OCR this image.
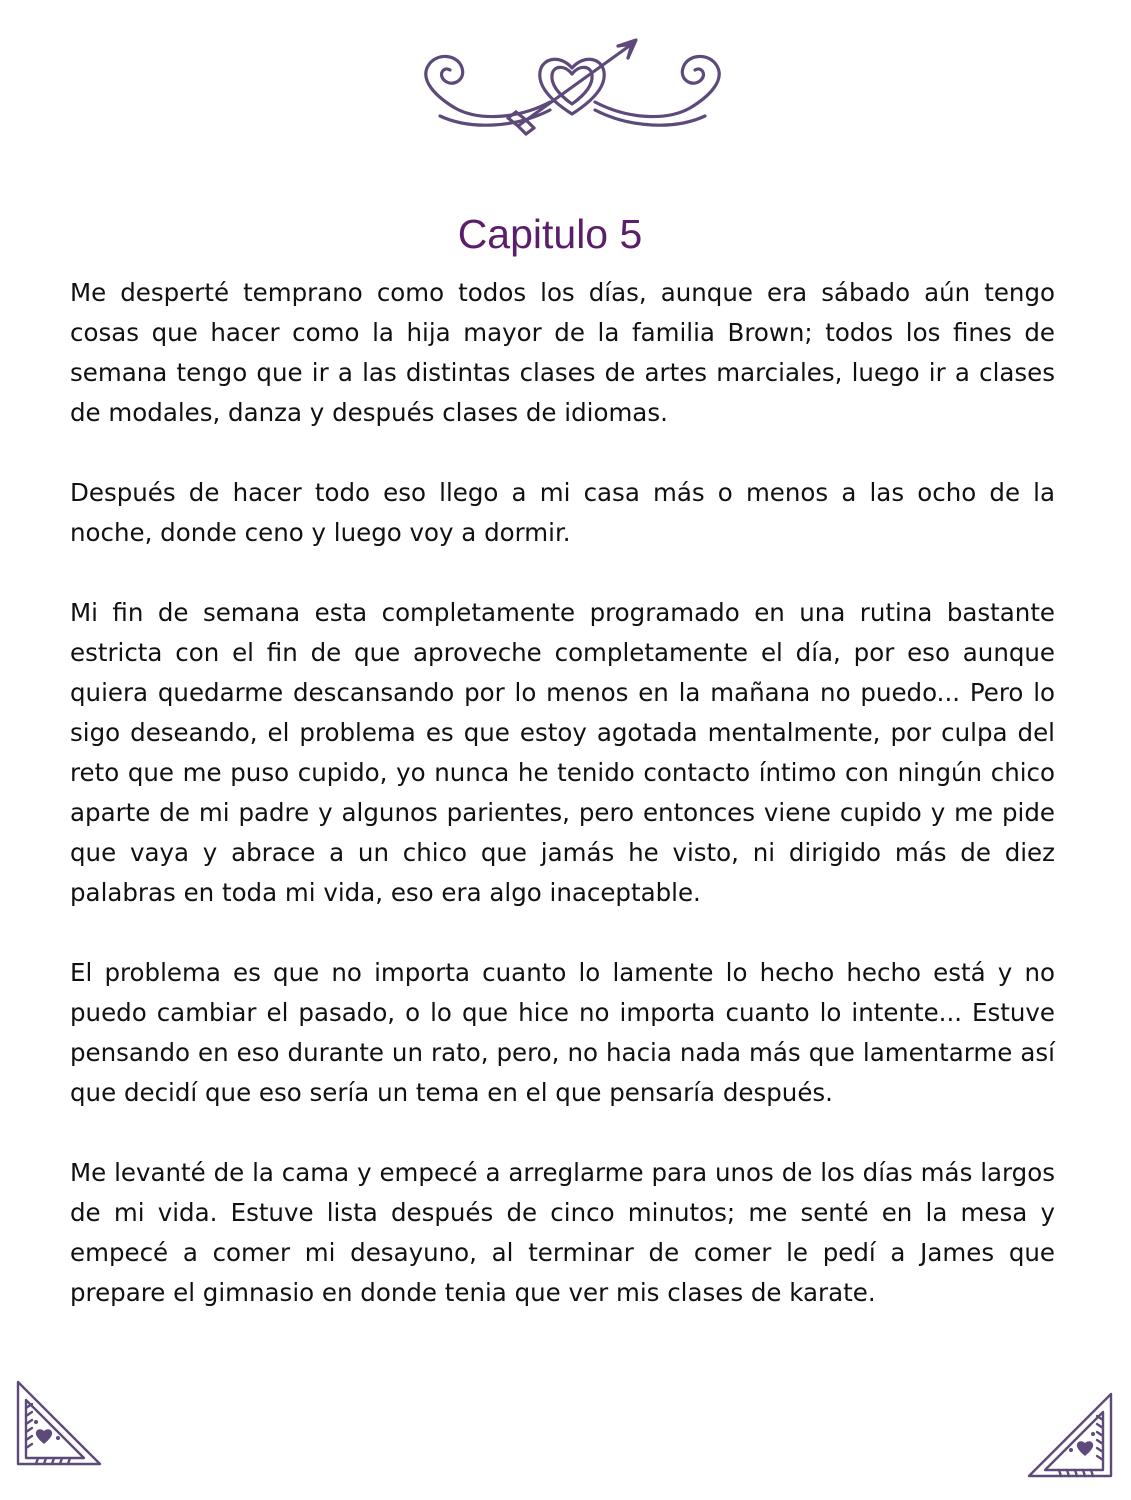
Capitulo 5

Me desperté temprano como todos los días, aunque era sábado aún tengo cosas que hacer como la hija mayor de la familia Brown; todos los fines de semana tengo que ir a las distintas clases de artes marciales, luego ir a clases de modales, danza y después clases de idiomas.

Después de hacer todo eso llego a mi casa más o menos a las ocho de la noche, donde ceno y luego voy a dormir.

Mi fin de semana esta completamente programado en una rutina bastante estricta con el fin de que aproveche completamente el día, por eso aunque quiera quedarme descansando por lo menos en la mañana no puedo... Pero lo sigo deseando, el problema es que estoy agotada mentalmente, por culpa del reto que me puso cupido, yo nunca he tenido contacto íntimo con ningún chico aparte de mi padre y algunos parientes, pero entonces viene cupido y me pide que vaya y abrace a un chico que jamás he visto, ni dirigido más de diez palabras en toda mi vida, eso era algo inaceptable.

El problema es que no importa cuanto lo lamente lo hecho hecho está y no puedo cambiar el pasado, o lo que hice no importa cuanto lo intente... Estuve pensando en eso durante un rato, pero, no hacia nada más que lamentarme así que decidí que eso sería un tema en el que pensaría después.

Me levanté de la cama y empecé a arreglarme para unos de los días más largos de mi vida. Estuve lista después de cinco minutos; me senté en la mesa y empecé a comer mi desayuno, al terminar de comer le pedí a James que prepare el gimnasio en donde tenia que ver mis clases de karate.
